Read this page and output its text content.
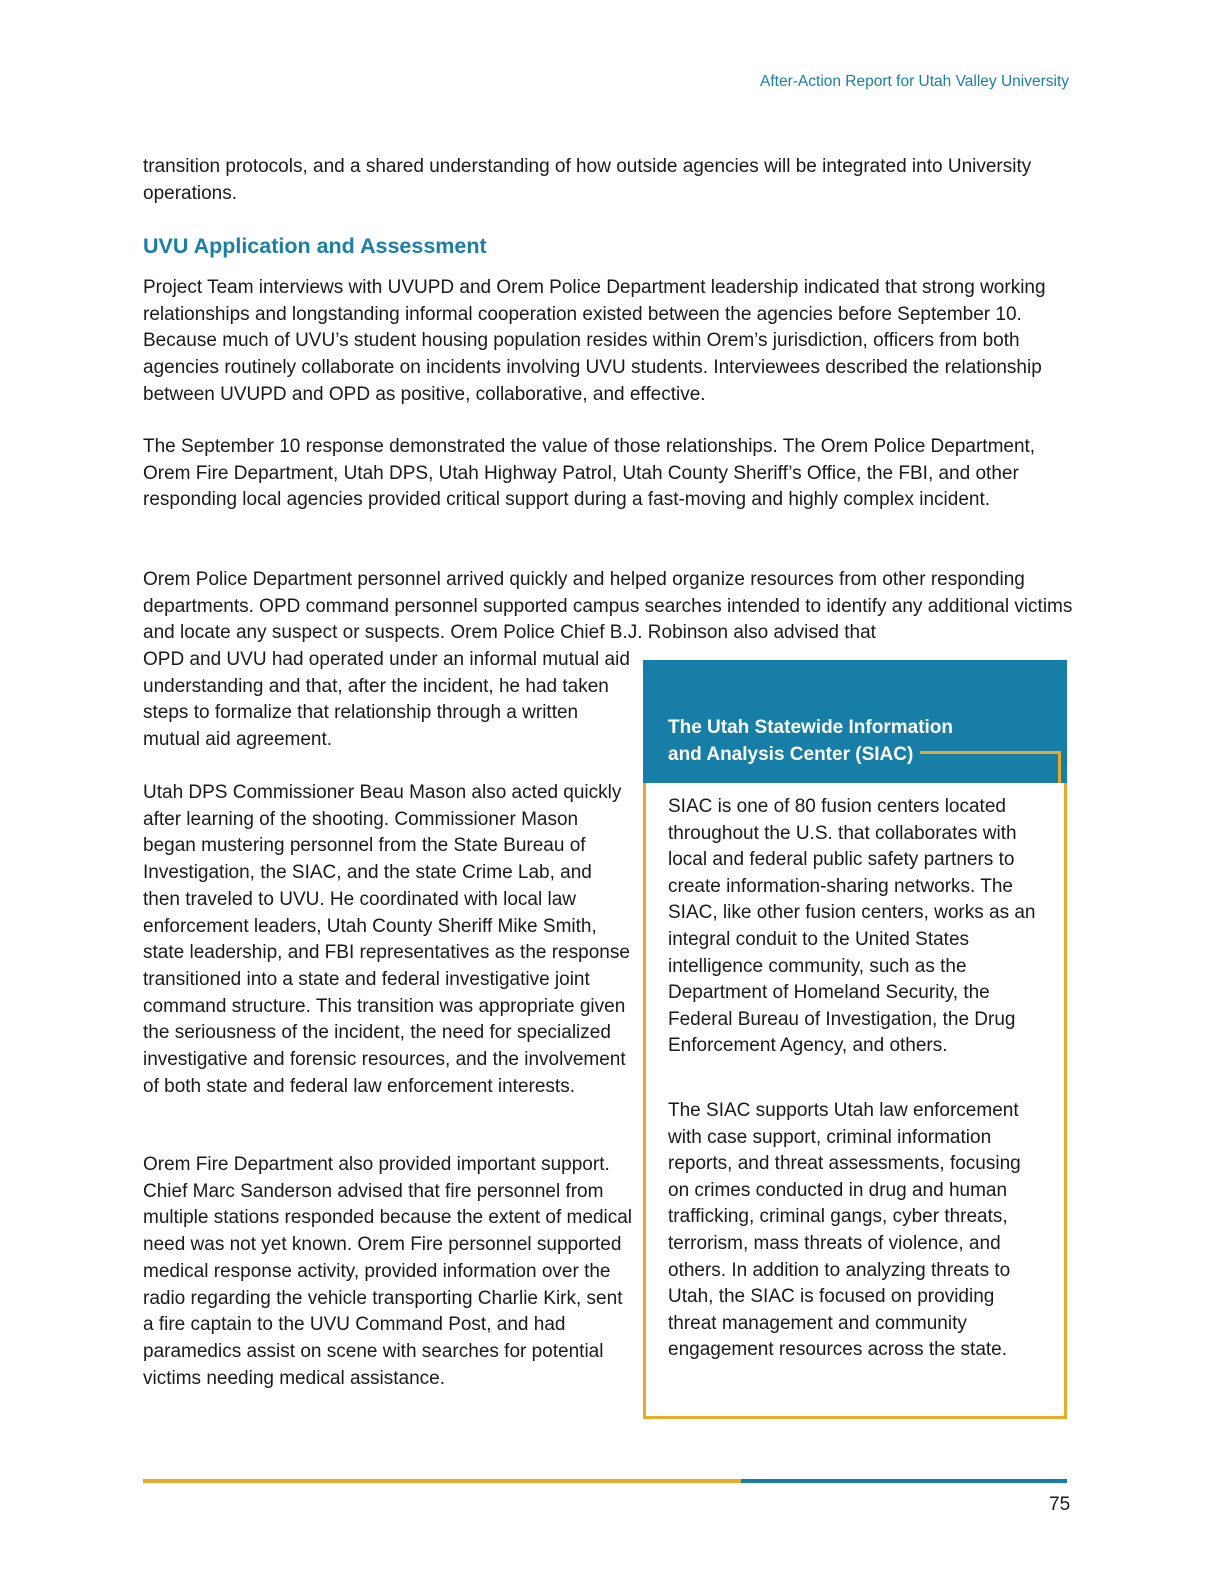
After-Action Report for Utah Valley University

transition protocols, and a shared understanding of how outside agencies will be integrated into University operations.

UVU Application and Assessment

Project Team interviews with UVUPD and Orem Police Department leadership indicated that strong working relationships and longstanding informal cooperation existed between the agencies before September 10. Because much of UVU’s student housing population resides within Orem’s jurisdiction, officers from both agencies routinely collaborate on incidents involving UVU students. Interviewees described the relationship between UVUPD and OPD as positive, collaborative, and effective.

The September 10 response demonstrated the value of those relationships. The Orem Police Department, Orem Fire Department, Utah DPS, Utah Highway Patrol, Utah County Sheriff’s Office, the FBI, and other responding local agencies provided critical support during a fast-moving and highly complex incident.

Orem Police Department personnel arrived quickly and helped organize resources from other responding departments. OPD command personnel supported campus searches intended to identify any additional victims and locate any suspect or suspects. Orem Police Chief B.J. Robinson also advised that

OPD and UVU had operated under an informal mutual aid understanding and that, after the incident, he had taken steps to formalize that relationship through a written mutual aid agreement.

Utah DPS Commissioner Beau Mason also acted quickly after learning of the shooting. Commissioner Mason began mustering personnel from the State Bureau of Investigation, the SIAC, and the state Crime Lab, and then traveled to UVU. He coordinated with local law enforcement leaders, Utah County Sheriff Mike Smith, state leadership, and FBI representatives as the response transitioned into a state and federal investigative joint command structure. This transition was appropriate given the seriousness of the incident, the need for specialized investigative and forensic resources, and the involvement of both state and federal law enforcement interests.

Orem Fire Department also provided important support. Chief Marc Sanderson advised that fire personnel from multiple stations responded because the extent of medical need was not yet known. Orem Fire personnel supported medical response activity, provided information over the radio regarding the vehicle transporting Charlie Kirk, sent a fire captain to the UVU Command Post, and had paramedics assist on scene with searches for potential victims needing medical assistance.

The Utah Statewide Information
and Analysis Center (SIAC)

SIAC is one of 80 fusion centers located throughout the U.S. that collaborates with local and federal public safety partners to create information-sharing networks. The SIAC, like other fusion centers, works as an integral conduit to the United States intelligence community, such as the Department of Homeland Security, the Federal Bureau of Investigation, the Drug Enforcement Agency, and others.

The SIAC supports Utah law enforcement with case support, criminal information reports, and threat assessments, focusing on crimes conducted in drug and human trafficking, criminal gangs, cyber threats, terrorism, mass threats of violence, and others. In addition to analyzing threats to Utah, the SIAC is focused on providing threat management and community engagement resources across the state.

75
